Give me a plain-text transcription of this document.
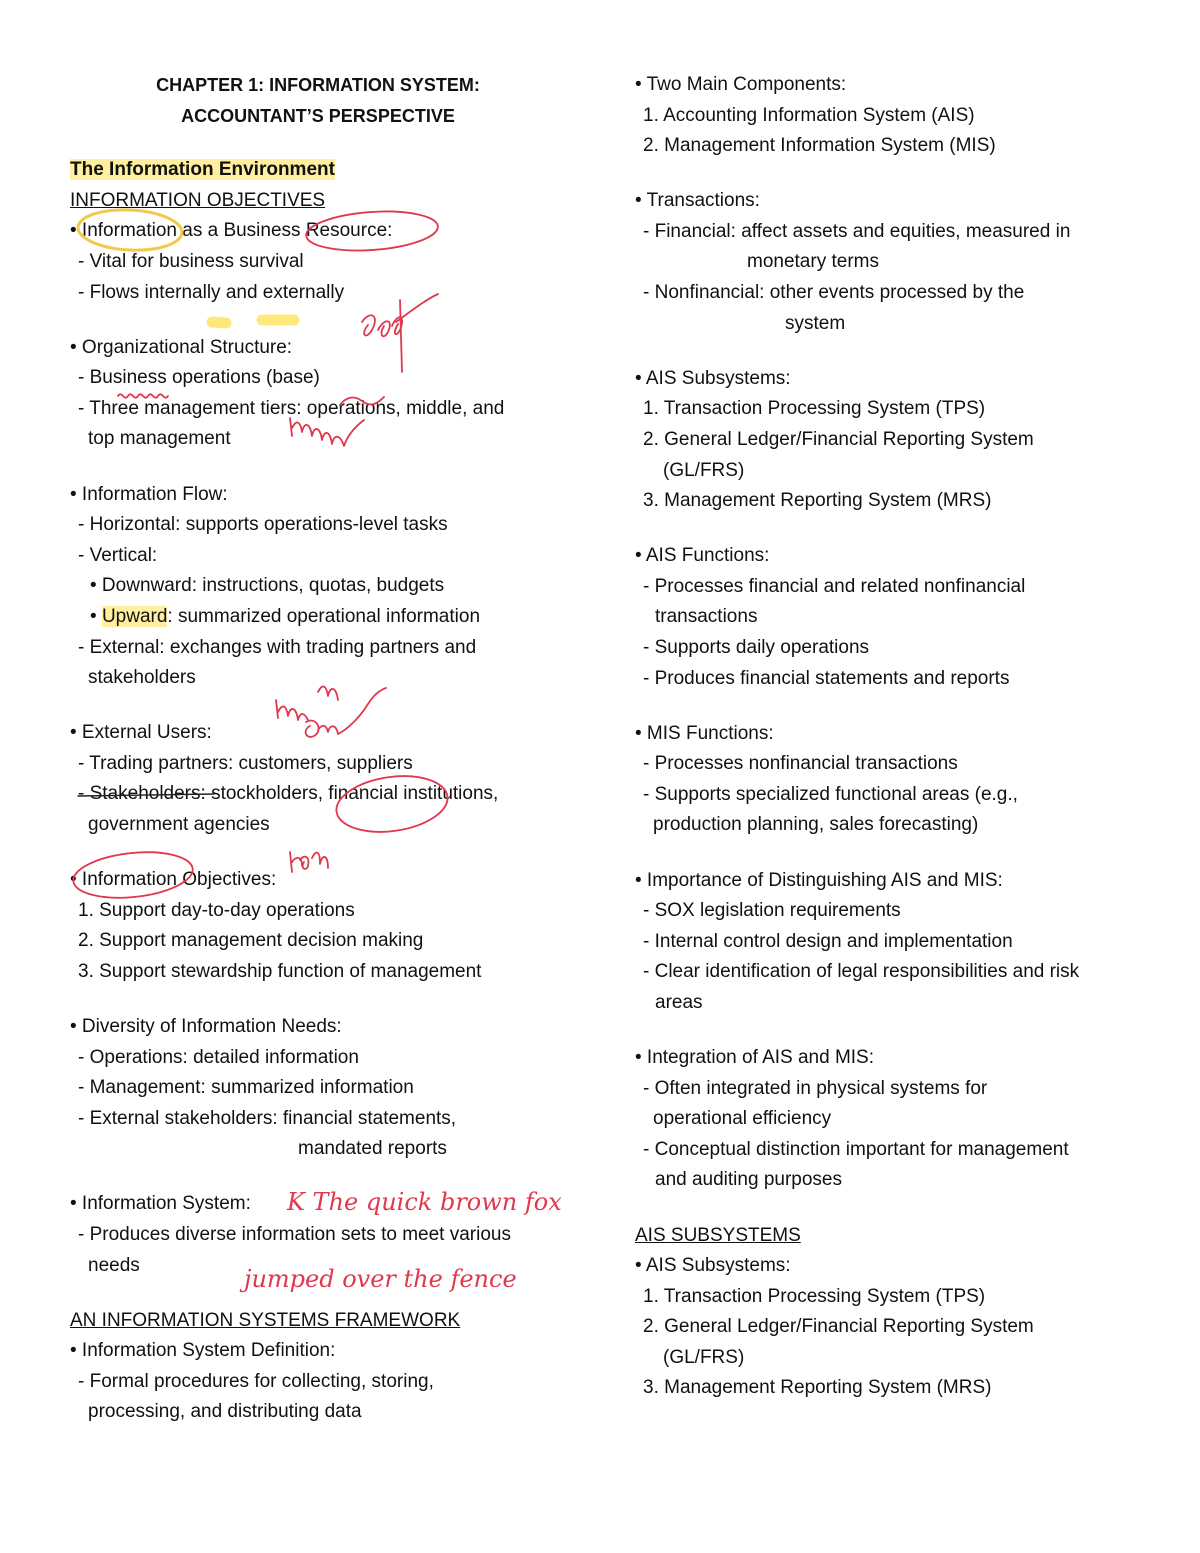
CHAPTER 1: INFORMATION SYSTEM:
ACCOUNTANT’S PERSPECTIVE
The Information Environment
INFORMATION OBJECTIVES
• Information as a Business Resource:
- Vital for business survival
- Flows internally and externally
• Organizational Structure:
- Business operations (base)
- Three management tiers: operations, middle, and
top management
• Information Flow:
- Horizontal: supports operations-level tasks
- Vertical:
• Downward: instructions, quotas, budgets
• Upward: summarized operational information
- External: exchanges with trading partners and
stakeholders
• External Users:
- Trading partners: customers, suppliers
- Stakeholders: stockholders, financial institutions,
government agencies
• Information Objectives:
1. Support day-to-day operations
2. Support management decision making
3. Support stewardship function of management
• Diversity of Information Needs:
- Operations: detailed information
- Management: summarized information
- External stakeholders: financial statements,
mandated reports
• Information System:
- Produces diverse information sets to meet various
needs
AN INFORMATION SYSTEMS FRAMEWORK
• Information System Definition:
- Formal procedures for collecting, storing,
processing, and distributing data
• Two Main Components:
1. Accounting Information System (AIS)
2. Management Information System (MIS)
• Transactions:
- Financial: affect assets and equities, measured in
monetary terms
- Nonfinancial: other events processed by the
system
• AIS Subsystems:
1. Transaction Processing System (TPS)
2. General Ledger/Financial Reporting System
(GL/FRS)
3. Management Reporting System (MRS)
• AIS Functions:
- Processes financial and related nonfinancial
transactions
- Supports daily operations
- Produces financial statements and reports
• MIS Functions:
- Processes nonfinancial transactions
- Supports specialized functional areas (e.g.,
production planning, sales forecasting)
• Importance of Distinguishing AIS and MIS:
- SOX legislation requirements
- Internal control design and implementation
- Clear identification of legal responsibilities and risk
areas
• Integration of AIS and MIS:
- Often integrated in physical systems for
operational efficiency
- Conceptual distinction important for management
and auditing purposes
AIS SUBSYSTEMS
• AIS Subsystems:
1. Transaction Processing System (TPS)
2. General Ledger/Financial Reporting System
(GL/FRS)
3. Management Reporting System (MRS)
K The quick brown fox
jumped over the fence
